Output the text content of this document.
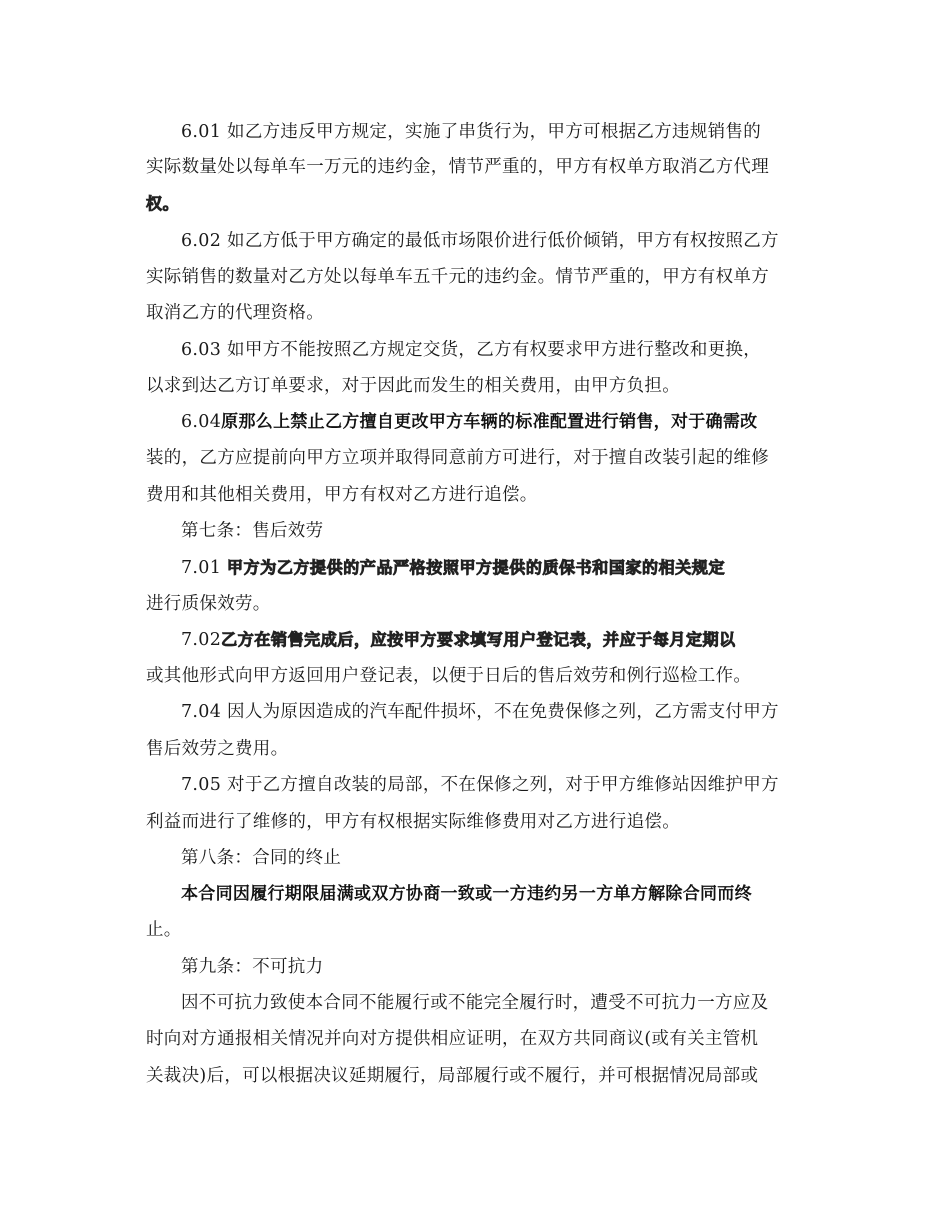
6.01 如乙方违反甲方规定，实施了串货行为，甲方可根据乙方违规销售的
实际数量处以每单车一万元的违约金，情节严重的，甲方有权单方取消乙方代理
权。
6.02 如乙方低于甲方确定的最低市场限价进行低价倾销，甲方有权按照乙方
实际销售的数量对乙方处以每单车五千元的违约金。情节严重的，甲方有权单方
取消乙方的代理资格。
6.03 如甲方不能按照乙方规定交货，乙方有权要求甲方进行整改和更换，
以求到达乙方订单要求，对于因此而发生的相关费用，由甲方负担。
6.04原那么上禁止乙方擅自更改甲方车辆的标准配置进行销售，对于确需改
装的，乙方应提前向甲方立项并取得同意前方可进行，对于擅自改装引起的维修
费用和其他相关费用，甲方有权对乙方进行追偿。
第七条：售后效劳
7.01 甲方为乙方提供的产品严格按照甲方提供的质保书和国家的相关规定
进行质保效劳。
7.02乙方在销售完成后，应按甲方要求填写用户登记表，并应于每月定期以
或其他形式向甲方返回用户登记表，以便于日后的售后效劳和例行巡检工作。
7.04 因人为原因造成的汽车配件损坏，不在免费保修之列，乙方需支付甲方
售后效劳之费用。
7.05 对于乙方擅自改装的局部，不在保修之列，对于甲方维修站因维护甲方
利益而进行了维修的，甲方有权根据实际维修费用对乙方进行追偿。
第八条：合同的终止
本合同因履行期限届满或双方协商一致或一方违约另一方单方解除合同而终
止。
第九条：不可抗力
因不可抗力致使本合同不能履行或不能完全履行时，遭受不可抗力一方应及
时向对方通报相关情况并向对方提供相应证明，在双方共同商议(或有关主管机
关裁决)后，可以根据决议延期履行，局部履行或不履行，并可根据情况局部或
